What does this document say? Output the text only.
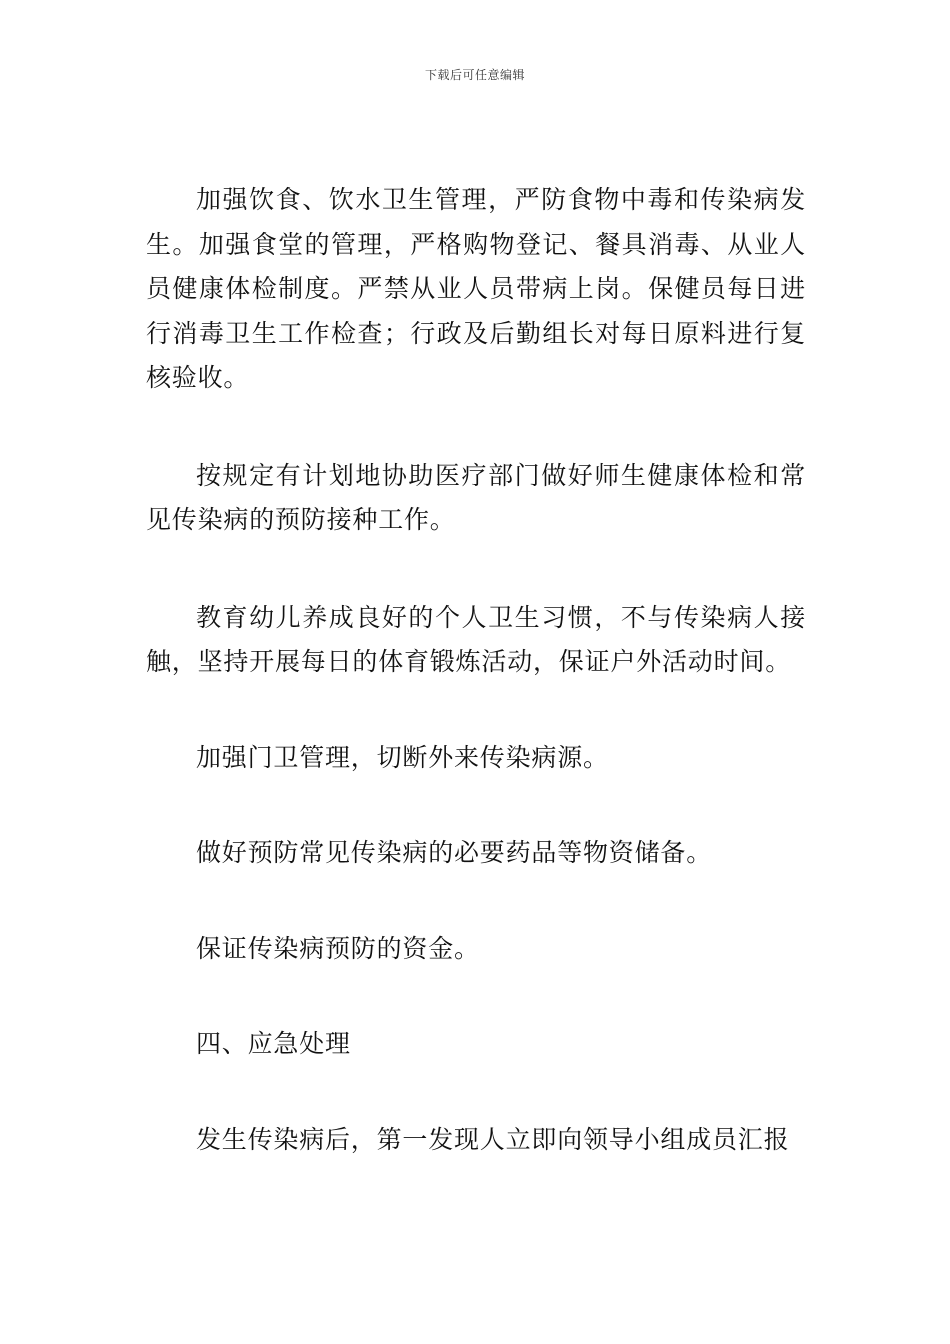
下载后可任意编辑

加强饮食、饮水卫生管理，严防食物中毒和传染病发生。加强食堂的管理，严格购物登记、餐具消毒、从业人员健康体检制度。严禁从业人员带病上岗。保健员每日进行消毒卫生工作检查；行政及后勤组长对每日原料进行复核验收。

按规定有计划地协助医疗部门做好师生健康体检和常见传染病的预防接种工作。

教育幼儿养成良好的个人卫生习惯，不与传染病人接触，坚持开展每日的体育锻炼活动，保证户外活动时间。

加强门卫管理，切断外来传染病源。

做好预防常见传染病的必要药品等物资储备。

保证传染病预防的资金。

四、应急处理

发生传染病后，第一发现人立即向领导小组成员汇报
